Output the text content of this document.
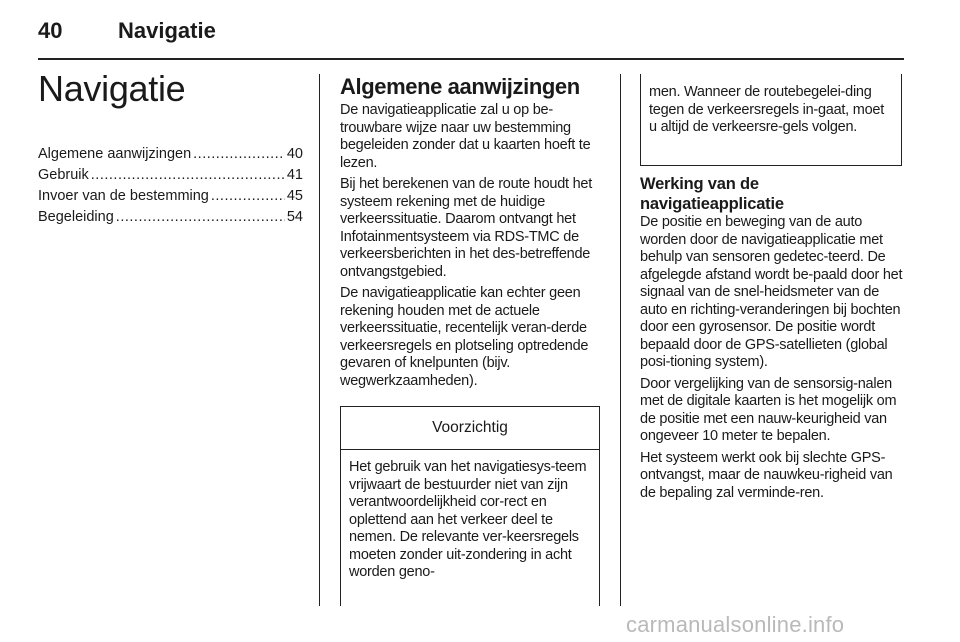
40	Navigatie
Navigatie
Algemene aanwijzingen .....	40
Gebruik .....	41
Invoer van de bestemming .....	45
Begeleiding .....	54
Algemene aanwijzingen

De navigatieapplicatie zal u op be-trouwbare wijze naar uw bestemming begeleiden zonder dat u kaarten hoeft te lezen.

Bij het berekenen van de route houdt het systeem rekening met de huidige verkeerssituatie. Daarom ontvangt het Infotainmentsysteem via RDS-TMC de verkeersberichten in het des-betreffende ontvangstgebied.

De navigatieapplicatie kan echter geen rekening houden met de actuele verkeerssituatie, recentelijk veran-derde verkeersregels en plotseling optredende gevaren of knelpunten (bijv. wegwerkzaamheden).

Voorzichtig
Het gebruik van het navigatiesys-teem vrijwaart de bestuurder niet van zijn verantwoordelijkheid cor-rect en oplettend aan het verkeer deel te nemen. De relevante ver-keersregels moeten zonder uit-zondering in acht worden geno-
Werking van de navigatieapplicatie

De positie en beweging van de auto worden door de navigatieapplicatie met behulp van sensoren gedetec-teerd. De afgelegde afstand wordt be-paald door het signaal van de snel-heidsmeter van de auto en richting-veranderingen bij bochten door een gyrosensor. De positie wordt bepaald door de GPS-satellieten (global posi-tioning system).

Door vergelijking van de sensorsig-nalen met de digitale kaarten is het mogelijk om de positie met een nauw-keurigheid van ongeveer 10 meter te bepalen.

Het systeem werkt ook bij slechte GPS-ontvangst, maar de nauwkeu-righeid van de bepaling zal verminde-ren.

men. Wanneer de routebegelei-ding tegen de verkeersregels in-gaat, moet u altijd de verkeersre-gels volgen.
carmanualsonline.info
